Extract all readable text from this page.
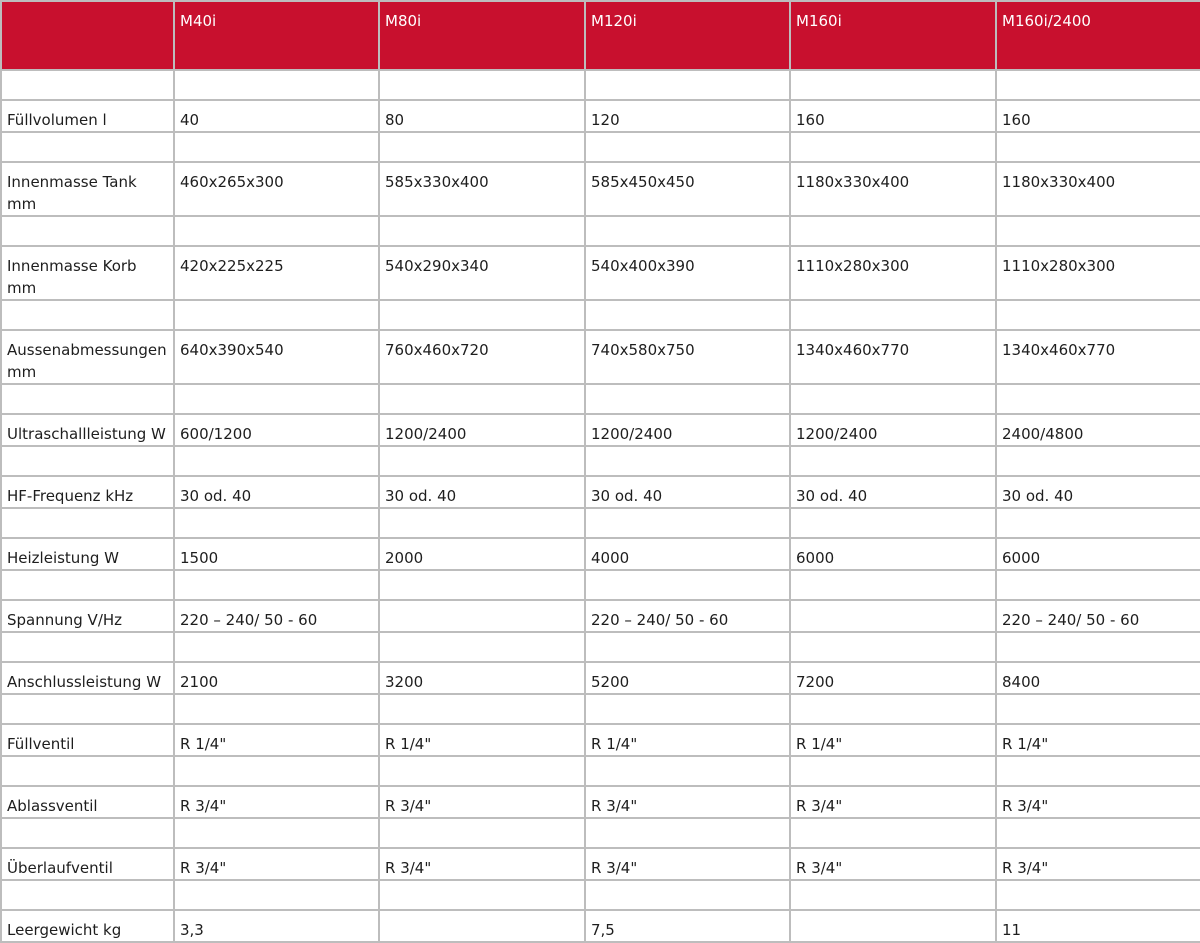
	M40i	M80i	M120i	M160i	M160i/2400

Füllvolumen l	40	80	120	160	160

Innenmasse Tank mm	460x265x300	585x330x400	585x450x450	1180x330x400	1180x330x400

Innenmasse Korb mm	420x225x225	540x290x340	540x400x390	1110x280x300	1110x280x300

Aussenabmessungen mm	640x390x540	760x460x720	740x580x750	1340x460x770	1340x460x770

Ultraschallleistung W	600/1200	1200/2400	1200/2400	1200/2400	2400/4800

HF-Frequenz kHz	30 od. 40	30 od. 40	30 od. 40	30 od. 40	30 od. 40

Heizleistung W	1500	2000	4000	6000	6000

Spannung V/Hz	220 – 240/ 50 - 60		220 – 240/ 50 - 60		220 – 240/ 50 - 60

Anschlussleistung W	2100	3200	5200	7200	8400

Füllventil	R 1/4"	R 1/4"	R 1/4"	R 1/4"	R 1/4"

Ablassventil	R 3/4"	R 3/4"	R 3/4"	R 3/4"	R 3/4"

Überlaufventil	R 3/4"	R 3/4"	R 3/4"	R 3/4"	R 3/4"

Leergewicht kg	3,3		7,5		11
